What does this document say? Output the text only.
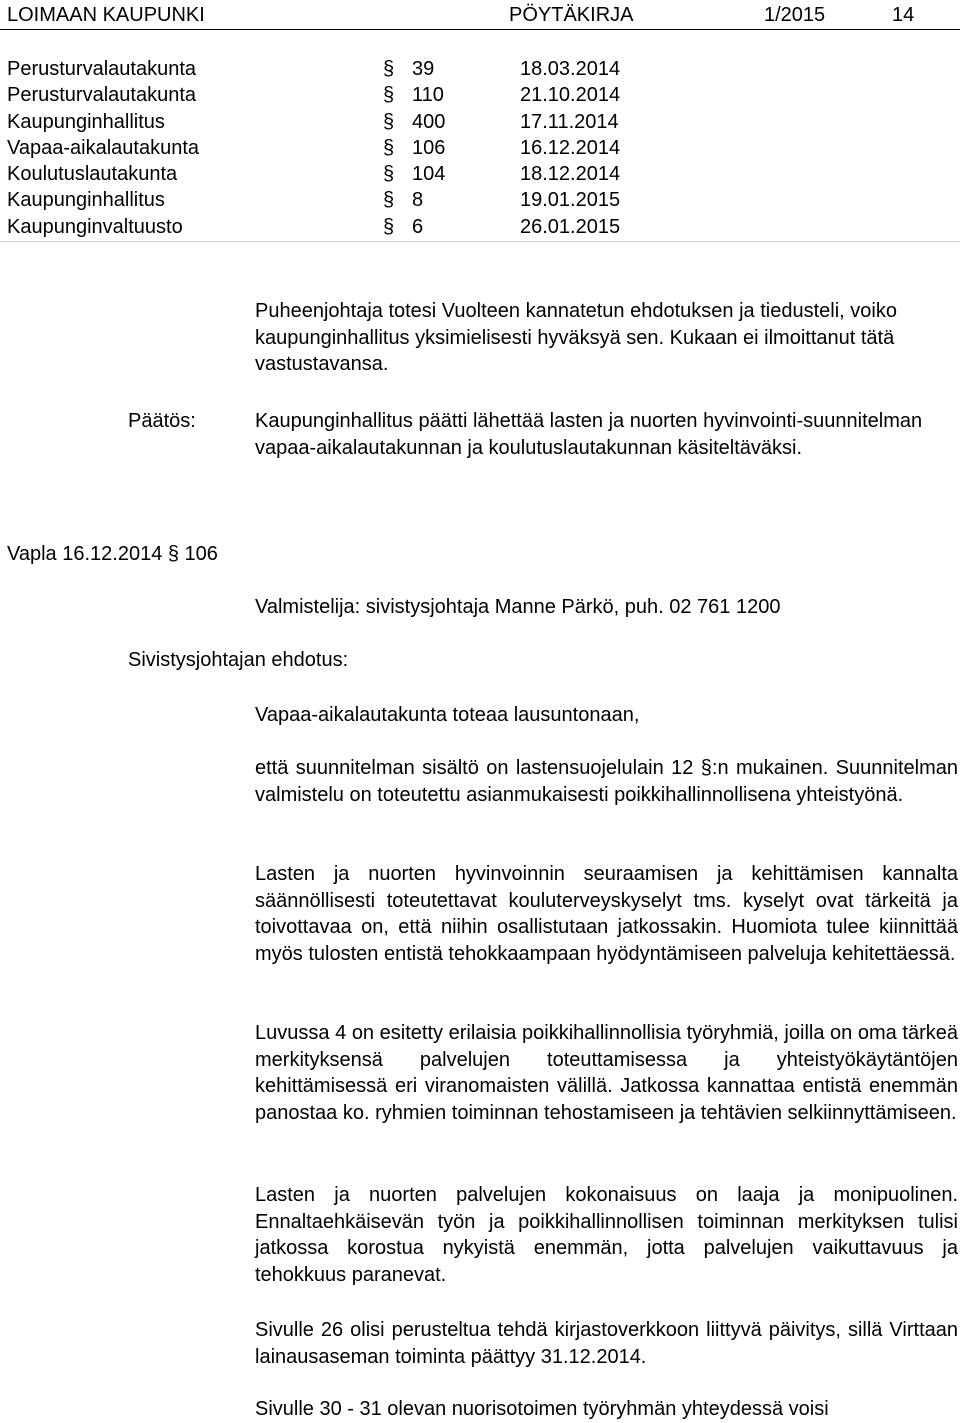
LOIMAAN KAUPUNKI	PÖYTÄKIRJA	1/2015	14
Perusturvalautakunta	§ 39	18.03.2014
Perusturvalautakunta	§ 110	21.10.2014
Kaupunginhallitus	§ 400	17.11.2014
Vapaa-aikalautakunta	§ 106	16.12.2014
Koulutuslautakunta	§ 104	18.12.2014
Kaupunginhallitus	§ 8	19.01.2015
Kaupunginvaltuusto	§ 6	26.01.2015

Puheenjohtaja totesi Vuolteen kannatetun ehdotuksen ja tiedusteli, voiko kaupunginhallitus yksimielisesti hyväksyä sen. Kukaan ei ilmoittanut tätä vastustavansa.

Päätös:	Kaupunginhallitus päätti lähettää lasten ja nuorten hyvinvointi-suunnitelman vapaa-aikalautakunnan ja koulutuslautakunnan käsiteltäväksi.

Vapla 16.12.2014 § 106

Valmistelija: sivistysjohtaja Manne Pärkö, puh. 02 761 1200

Sivistysjohtajan ehdotus:

Vapaa-aikalautakunta toteaa lausuntonaan,

että suunnitelman sisältö on lastensuojelulain 12 §:n mukainen. Suunnitelman valmistelu on toteutettu asianmukaisesti poikkihallinnollisena yhteistyönä.

Lasten ja nuorten hyvinvoinnin seuraamisen ja kehittämisen kannalta säännöllisesti toteutettavat kouluterveyskyselyt tms. kyselyt ovat tärkeitä ja toivottavaa on, että niihin osallistutaan jatkossakin. Huomiota tulee kiinnittää myös tulosten entistä tehokkaampaan hyödyntämiseen palveluja kehitettäessä.

Luvussa 4 on esitetty erilaisia poikkihallinnollisia työryhmiä, joilla on oma tärkeä merkityksensä palvelujen toteuttamisessa ja yhteistyökäytäntöjen kehittämisessä eri viranomaisten välillä. Jatkossa kannattaa entistä enemmän panostaa ko. ryhmien toiminnan tehostamiseen ja tehtävien selkiinnyttämiseen.

Lasten ja nuorten palvelujen kokonaisuus on laaja ja monipuolinen. Ennaltaehkäisevän työn ja poikkihallinnollisen toiminnan merkityksen tulisi jatkossa korostua nykyistä enemmän, jotta palvelujen vaikuttavuus ja tehokkuus paranevat.

Sivulle 26 olisi perusteltua tehdä kirjastoverkkoon liittyvä päivitys, sillä Virttaan lainausaseman toiminta päättyy 31.12.2014.

Sivulle 30 - 31 olevan nuorisotoimen työryhmän yhteydessä voisi
